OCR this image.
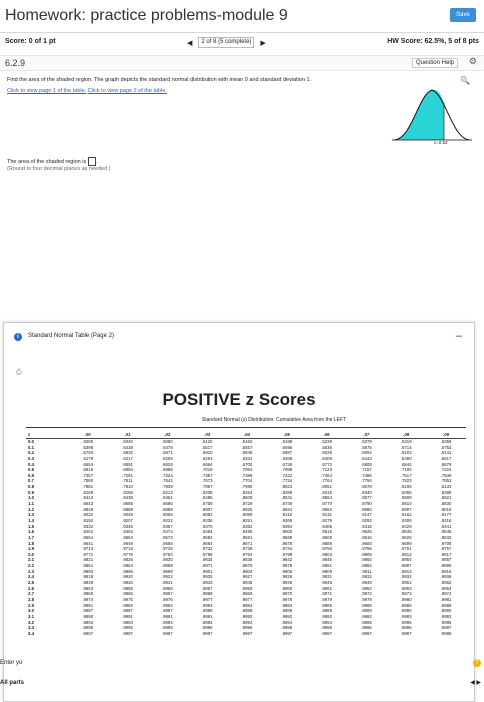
Homework: practice problems-module 9	Save
Score: 0 of 1 pt	◀	2 of 8 (5 complete)	▶	HW Score: 62.5%, 5 of 8 pts
6.2.9	Question Help	⚙
Find the area of the shaded region. The graph depicts the standard normal distribution with mean 0 and standard deviation 1.
Click to view page 1 of the table. Click to view page 2 of the table.
🔍
z=0.62
The area of the shaded region is .
(Round to four decimal places as needed.)
i	Standard Normal Table (Page 2)	–
⎙
POSITIVE z Scores
Standard Normal (z) Distribution: Cumulative Area from the LEFT
z	.00	.01	.02	.03	.04	.05	.06	.07	.08	.09
0.0	.5000	.5040	.5080	.5120	.5160	.5199	.5239	.5279	.5319	.5359
0.1	.5398	.5438	.5478	.5517	.5557	.5596	.5636	.5675	.5714	.5753
0.2	.5793	.5832	.5871	.5910	.5948	.5987	.6026	.6064	.6103	.6141
0.3	.6179	.6217	.6255	.6293	.6331	.6368	.6406	.6443	.6480	.6517
0.4	.6554	.6591	.6628	.6664	.6700	.6736	.6772	.6808	.6844	.6879
0.5	.6915	.6950	.6985	.7019	.7054	.7088	.7123	.7157	.7190	.7224
0.6	.7257	.7291	.7324	.7357	.7389	.7422	.7454	.7486	.7517	.7549
0.7	.7580	.7611	.7642	.7673	.7704	.7734	.7764	.7794	.7823	.7852
0.8	.7881	.7910	.7939	.7967	.7995	.8023	.8051	.8078	.8106	.8133
0.9	.8159	.8186	.8212	.8238	.8264	.8289	.8315	.8340	.8365	.8389
1.0	.8413	.8438	.8461	.8485	.8508	.8531	.8554	.8577	.8599	.8621
1.1	.8643	.8665	.8686	.8708	.8729	.8749	.8770	.8790	.8810	.8830
1.2	.8849	.8869	.8888	.8907	.8925	.8944	.8962	.8980	.8997	.9015
1.3	.9032	.9049	.9066	.9082	.9099	.9115	.9131	.9147	.9162	.9177
1.4	.9192	.9207	.9222	.9236	.9251	.9265	.9279	.9292	.9306	.9319
1.5	.9332	.9345	.9357	.9370	.9382	.9394	.9406	.9418	.9429	.9441
1.6	.9452	.9463	.9474	.9484	.9495	.9505	.9515	.9525	.9535	.9545
1.7	.9554	.9564	.9573	.9582	.9591	.9599	.9608	.9616	.9625	.9633
1.8	.9641	.9649	.9656	.9664	.9671	.9678	.9686	.9693	.9699	.9706
1.9	.9713	.9719	.9726	.9732	.9738	.9744	.9750	.9756	.9761	.9767
2.0	.9772	.9778	.9783	.9788	.9793	.9798	.9803	.9808	.9812	.9817
2.1	.9821	.9826	.9830	.9834	.9838	.9842	.9846	.9850	.9854	.9857
2.2	.9861	.9864	.9868	.9871	.9875	.9878	.9881	.9884	.9887	.9890
2.3	.9893	.9896	.9898	.9901	.9904	.9906	.9909	.9911	.9913	.9916
2.4	.9918	.9920	.9922	.9925	.9927	.9929	.9931	.9932	.9934	.9936
2.5	.9938	.9940	.9941	.9943	.9945	.9946	.9948	.9949	.9951	.9952
2.6	.9953	.9955	.9956	.9957	.9959	.9960	.9961	.9962	.9963	.9964
2.7	.9965	.9966	.9967	.9968	.9969	.9970	.9971	.9972	.9973	.9974
2.8	.9974	.9975	.9976	.9977	.9977	.9978	.9979	.9979	.9980	.9981
2.9	.9981	.9982	.9982	.9983	.9984	.9984	.9985	.9985	.9986	.9986
3.0	.9987	.9987	.9987	.9988	.9988	.9989	.9989	.9989	.9990	.9990
3.1	.9990	.9991	.9991	.9991	.9992	.9992	.9992	.9992	.9993	.9993
3.2	.9993	.9993	.9994	.9994	.9994	.9994	.9994	.9995	.9995	.9995
3.3	.9995	.9995	.9995	.9996	.9996	.9996	.9996	.9996	.9996	.9997
3.4	.9997	.9997	.9997	.9997	.9997	.9997	.9997	.9997	.9997	.9998
Enter yo
All parts
?
◀ ▶
